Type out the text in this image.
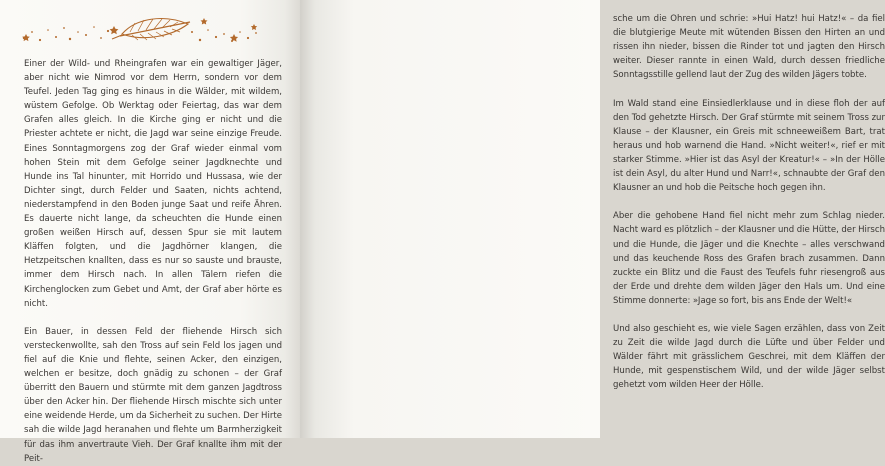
Einer der Wild- und Rheingrafen war ein gewaltiger Jäger, aber nicht wie Nimrod vor dem Herrn, sondern vor dem Teufel. Jeden Tag ging es hinaus in die Wälder, mit wildem, wüstem Gefolge. Ob Werktag oder Feiertag, das war dem Grafen alles gleich. In die Kirche ging er nicht und die Priester achtete er nicht, die Jagd war seine einzige Freude. Eines Sonntagmorgens zog der Graf wieder einmal vom hohen Stein mit dem Gefolge seiner Jagdknechte und Hunde ins Tal hinunter, mit Horrido und Hussasa, wie der Dichter singt, durch Felder und Saaten, nichts achtend, niederstampfend in den Boden junge Saat und reife Ähren. Es dauerte nicht lange, da scheuchten die Hunde einen großen weißen Hirsch auf, dessen Spur sie mit lautem Kläffen folgten, und die Jagdhörner klangen, die Hetzpeitschen knallten, dass es nur so sauste und brauste, immer dem Hirsch nach. In allen Tälern riefen die Kirchenglocken zum Gebet und Amt, der Graf aber hörte es nicht.

Ein Bauer, in dessen Feld der fliehende Hirsch sich versteckenwollte, sah den Tross auf sein Feld los jagen und fiel auf die Knie und flehte, seinen Acker, den einzigen, welchen er besitze, doch gnädig zu schonen – der Graf überritt den Bauern und stürmte mit dem ganzen Jagdtross über den Acker hin. Der fliehende Hirsch mischte sich unter eine weidende Herde, um da Sicherheit zu suchen. Der Hirte sah die wilde Jagd heranahen und flehte um Barmherzigkeit für das ihm anvertraute Vieh. Der Graf knallte ihm mit der Peit-

sche um die Ohren und schrie: »Hui Hatz! hui Hatz!« – da fiel die blutgierige Meute mit wütenden Bissen den Hirten an und rissen ihn nieder, bissen die Rinder tot und jagten den Hirsch weiter. Dieser rannte in einen Wald, durch dessen friedliche Sonntagsstille gellend laut der Zug des wilden Jägers tobte.

Im Wald stand eine Einsiedlerklause und in diese floh der auf den Tod gehetzte Hirsch. Der Graf stürmte mit seinem Tross zur Klause – der Klausner, ein Greis mit schneeweißem Bart, trat heraus und hob warnend die Hand. »Nicht weiter!«, rief er mit starker Stimme. »Hier ist das Asyl der Kreatur!« – »In der Hölle ist dein Asyl, du alter Hund und Narr!«, schnaubte der Graf den Klausner an und hob die Peitsche hoch gegen ihn.

Aber die gehobene Hand fiel nicht mehr zum Schlag nieder. Nacht ward es plötzlich – der Klausner und die Hütte, der Hirsch und die Hunde, die Jäger und die Knechte – alles verschwand und das keuchende Ross des Grafen brach zusammen. Dann zuckte ein Blitz und die Faust des Teufels fuhr riesengroß aus der Erde und drehte dem wilden Jäger den Hals um. Und eine Stimme donnerte: »Jage so fort, bis ans Ende der Welt!«

Und also geschieht es, wie viele Sagen erzählen, dass von Zeit zu Zeit die wilde Jagd durch die Lüfte und über Felder und Wälder fährt mit grässlichem Geschrei, mit dem Kläffen der Hunde, mit gespenstischem Wild, und der wilde Jäger selbst gehetzt vom wilden Heer der Hölle.
